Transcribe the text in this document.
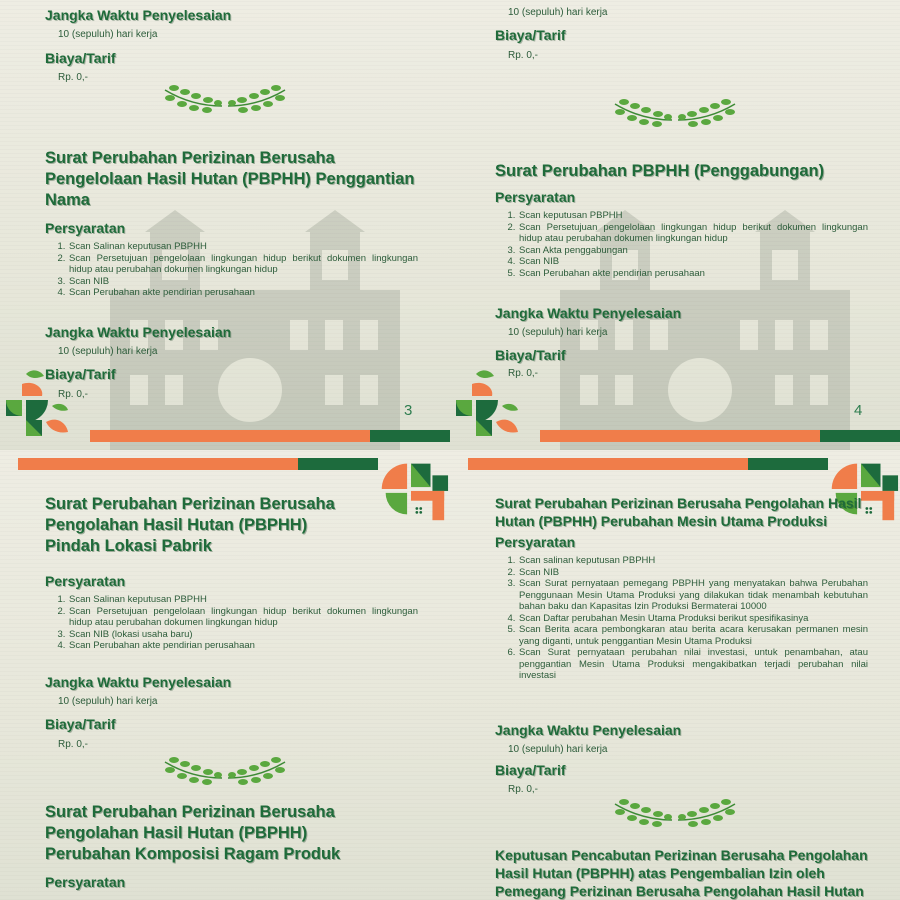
Jangka Waktu Penyelesaian

10 (sepuluh) hari kerja

Biaya/Tarif

Rp. 0,-

Surat Perubahan Perizinan Berusaha
Pengelolaan Hasil Hutan (PBPHH) Penggantian
Nama

Persyaratan

1. Scan Salinan keputusan PBPHH
2. Scan Persetujuan pengelolaan lingkungan hidup berikut dokumen lingkungan hidup atau perubahan dokumen lingkungan hidup
3. Scan NIB
4. Scan Perubahan akte pendirian perusahaan

Jangka Waktu Penyelesaian

10 (sepuluh) hari kerja

Biaya/Tarif

Rp. 0,-

3

10 (sepuluh) hari kerja

Biaya/Tarif

Rp. 0,-

Surat Perubahan PBPHH (Penggabungan)

Persyaratan

1. Scan keputusan PBPHH
2. Scan Persetujuan pengelolaan lingkungan hidup berikut dokumen lingkungan hidup atau perubahan dokumen lingkungan hidup
3. Scan Akta penggabungan
4. Scan NIB
5. Scan Perubahan akte pendirian perusahaan

Jangka Waktu Penyelesaian

10 (sepuluh) hari kerja

Biaya/Tarif

Rp. 0,-

4
Surat Perubahan Perizinan Berusaha
Pengolahan Hasil Hutan (PBPHH)
Pindah Lokasi Pabrik

Persyaratan

1. Scan Salinan keputusan PBPHH
2. Scan Persetujuan pengelolaan lingkungan hidup berikut dokumen lingkungan hidup atau perubahan dokumen lingkungan hidup
3. Scan NIB (lokasi usaha baru)
4. Scan Perubahan akte pendirian perusahaan

Jangka Waktu Penyelesaian

10 (sepuluh) hari kerja

Biaya/Tarif

Rp. 0,-

Surat Perubahan Perizinan Berusaha
Pengolahan Hasil Hutan (PBPHH)
Perubahan Komposisi Ragam Produk

Persyaratan

Surat Perubahan Perizinan Berusaha Pengolahan Hasil
Hutan (PBPHH) Perubahan Mesin Utama Produksi

Persyaratan

1. Scan salinan keputusan PBPHH
2. Scan NIB
3. Scan Surat pernyataan pemegang PBPHH yang menyatakan bahwa Perubahan Penggunaan Mesin Utama Produksi yang dilakukan tidak menambah kebutuhan bahan baku dan Kapasitas Izin Produksi Bermaterai 10000
4. Scan Daftar perubahan Mesin Utama Produksi berikut spesifikasinya
5. Scan Berita acara pembongkaran atau berita acara kerusakan permanen mesin yang diganti, untuk penggantian Mesin Utama Produksi
6. Scan Surat pernyataan perubahan nilai investasi, untuk penambahan, atau penggantian Mesin Utama Produksi mengakibatkan terjadi perubahan nilai investasi

Jangka Waktu Penyelesaian

10 (sepuluh) hari kerja

Biaya/Tarif

Rp. 0,-

Keputusan Pencabutan Perizinan Berusaha Pengolahan
Hasil Hutan (PBPHH) atas Pengembalian Izin oleh
Pemegang Perizinan Berusaha Pengolahan Hasil Hutan
